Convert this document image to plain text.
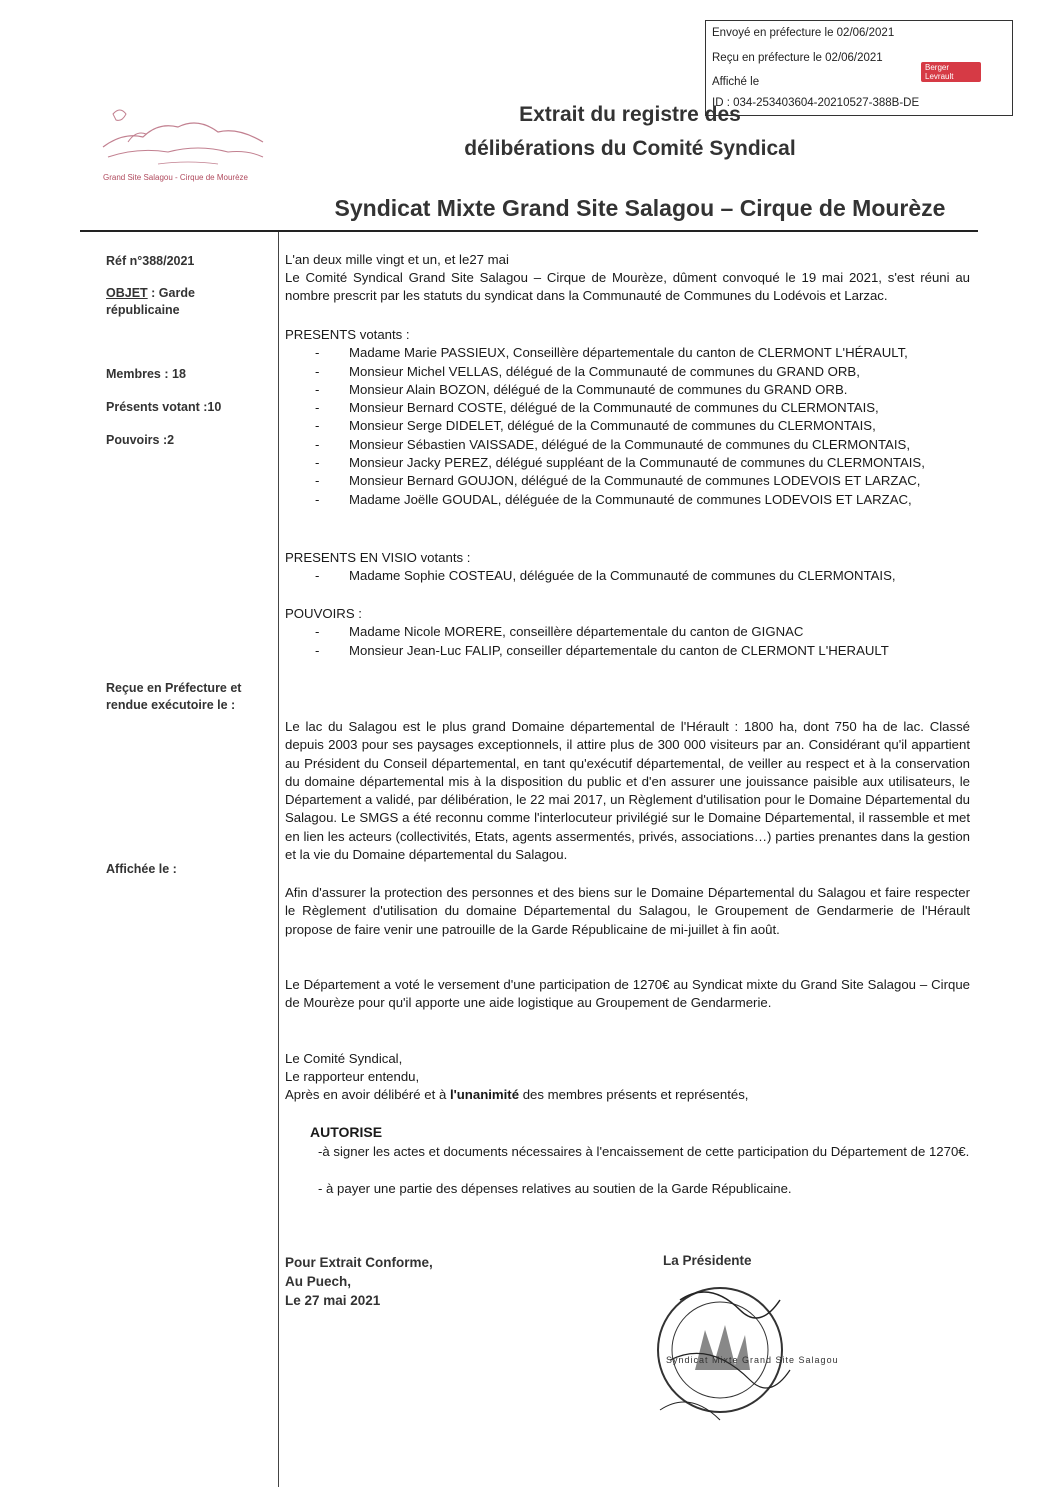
Envoyé en préfecture le 02/06/2021
Reçu en préfecture le 02/06/2021
Affiché le
ID : 034-253403604-20210527-388B-DE
Berger Levrault
Grand Site Salagou - Cirque de Mourèze
Extrait du registre des
délibérations du Comité Syndical
Syndicat Mixte Grand Site Salagou – Cirque de Mourèze
Réf n°388/2021
OBJET : Garde républicaine
Membres : 18
Présents votant :10
Pouvoirs :2
Reçue en Préfecture et rendue exécutoire le :
Affichée le :
L'an deux mille vingt et un, et le27 mai
Le Comité Syndical Grand Site Salagou – Cirque de Mourèze, dûment convoqué le 19 mai 2021, s'est réuni au nombre prescrit par les statuts du syndicat dans la Communauté de Communes du Lodévois et Larzac.
PRESENTS votants :
- Madame Marie PASSIEUX, Conseillère départementale du canton de CLERMONT L'HÉRAULT,
- Monsieur Michel VELLAS, délégué de la Communauté de communes du GRAND ORB,
- Monsieur Alain BOZON, délégué de la Communauté de communes du GRAND ORB.
- Monsieur Bernard COSTE, délégué de la Communauté de communes du CLERMONTAIS,
- Monsieur Serge DIDELET, délégué de la Communauté de communes du CLERMONTAIS,
- Monsieur Sébastien VAISSADE, délégué de la Communauté de communes du CLERMONTAIS,
- Monsieur Jacky PEREZ, délégué suppléant de la Communauté de communes du CLERMONTAIS,
- Monsieur Bernard GOUJON, délégué de la Communauté de communes LODEVOIS ET LARZAC,
- Madame Joëlle GOUDAL, déléguée de la Communauté de communes LODEVOIS ET LARZAC,
PRESENTS EN VISIO votants :
- Madame Sophie COSTEAU, déléguée de la Communauté de communes du CLERMONTAIS,
POUVOIRS :
- Madame Nicole MORERE, conseillère départementale du canton de GIGNAC
- Monsieur Jean-Luc FALIP, conseiller départementale du canton de CLERMONT L'HERAULT
Le lac du Salagou est le plus grand Domaine départemental de l'Hérault : 1800 ha, dont 750 ha de lac. Classé depuis 2003 pour ses paysages exceptionnels, il attire plus de 300 000 visiteurs par an. Considérant qu'il appartient au Président du Conseil départemental, en tant qu'exécutif départemental, de veiller au respect et à la conservation du domaine départemental mis à la disposition du public et d'en assurer une jouissance paisible aux utilisateurs, le Département a validé, par délibération, le 22 mai 2017, un Règlement d'utilisation pour le Domaine Départemental du Salagou. Le SMGS a été reconnu comme l'interlocuteur privilégié sur le Domaine Départemental, il rassemble et met en lien les acteurs (collectivités, Etats, agents assermentés, privés, associations…) parties prenantes dans la gestion et la vie du Domaine départemental du Salagou.
Afin d'assurer la protection des personnes et des biens sur le Domaine Départemental du Salagou et faire respecter le Règlement d'utilisation du domaine Départemental du Salagou, le Groupement de Gendarmerie de l'Hérault propose de faire venir une patrouille de la Garde Républicaine de mi-juillet à fin août.
Le Département a voté le versement d'une participation de 1270€ au Syndicat mixte du Grand Site Salagou – Cirque de Mourèze pour qu'il apporte une aide logistique au Groupement de Gendarmerie.
Le Comité Syndical,
Le rapporteur entendu,
Après en avoir délibéré et à l'unanimité des membres présents et représentés,
AUTORISE
-à signer les actes et documents nécessaires à l'encaissement de cette participation du Département de 1270€.
- à payer une partie des dépenses relatives au soutien de la Garde Républicaine.
Pour Extrait Conforme,
Au Puech,
Le 27 mai 2021
La Présidente
Syndicat Mixte Grand Site Salagou
